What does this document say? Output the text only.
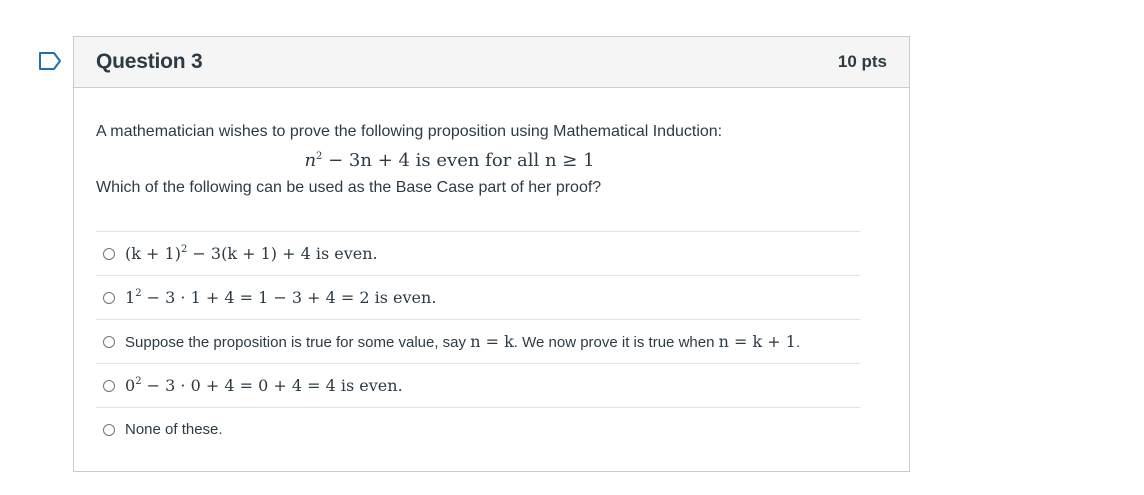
Question 3	10 pts
A mathematician wishes to prove the following proposition using Mathematical Induction:
$n^2 - 3n + 4$ is even for all n ≥ 1
Which of the following can be used as the Base Case part of her proof?
$(k + 1)^2 - 3(k + 1) + 4$ is even.
$1^2 - 3 \cdot 1 + 4 = 1 - 3 + 4 = 2$ is even.
Suppose the proposition is true for some value, say n = k. We now prove it is true when n = k + 1.
$0^2 - 3 \cdot 0 + 4 = 0 + 4 = 4$ is even.
None of these.
